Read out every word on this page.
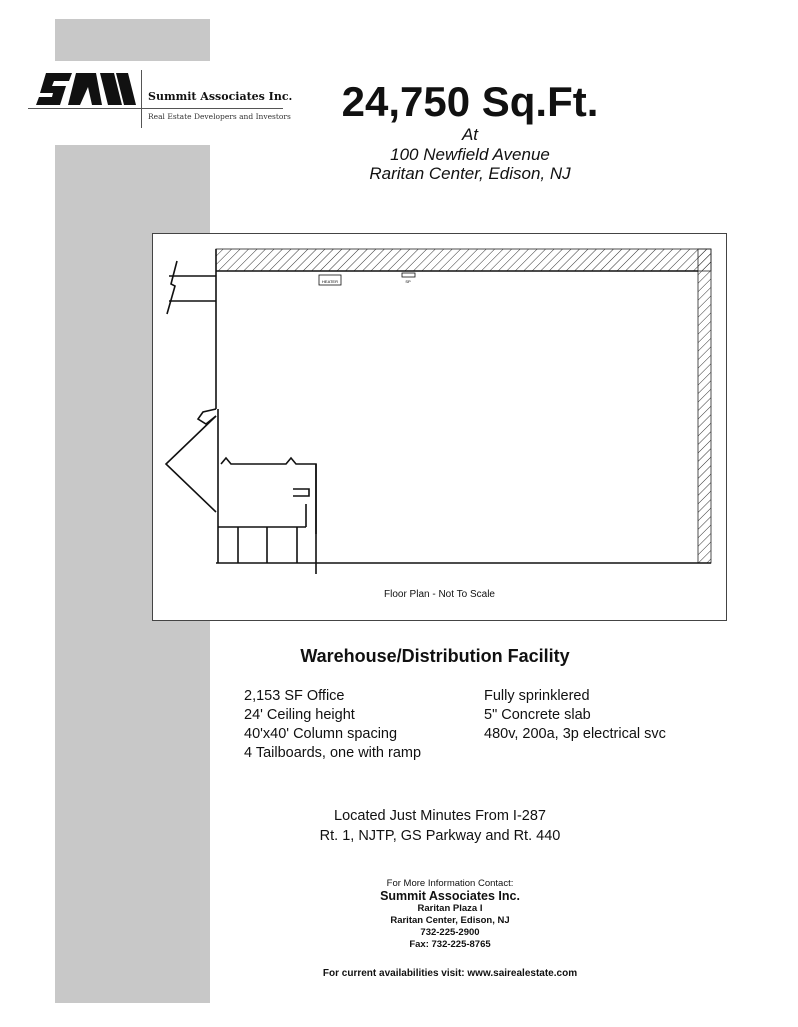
Summit Associates Inc.
Real Estate Developers and Investors	24,750 Sq.Ft.
At
100 Newfield Avenue
Raritan Center, Edison, NJ
HEATER	SP
Floor Plan - Not To Scale
Warehouse/Distribution Facility
2,153 SF Office
24' Ceiling height
40'x40' Column spacing
4 Tailboards, one with ramp
Fully sprinklered
5" Concrete slab
480v, 200a, 3p electrical svc
Located Just Minutes From I-287
Rt. 1, NJTP, GS Parkway and Rt. 440
For More Information Contact:
Summit Associates Inc.
Raritan Plaza I
Raritan Center, Edison, NJ
732-225-2900
Fax: 732-225-8765
For current availabilities visit: www.sairealestate.com
